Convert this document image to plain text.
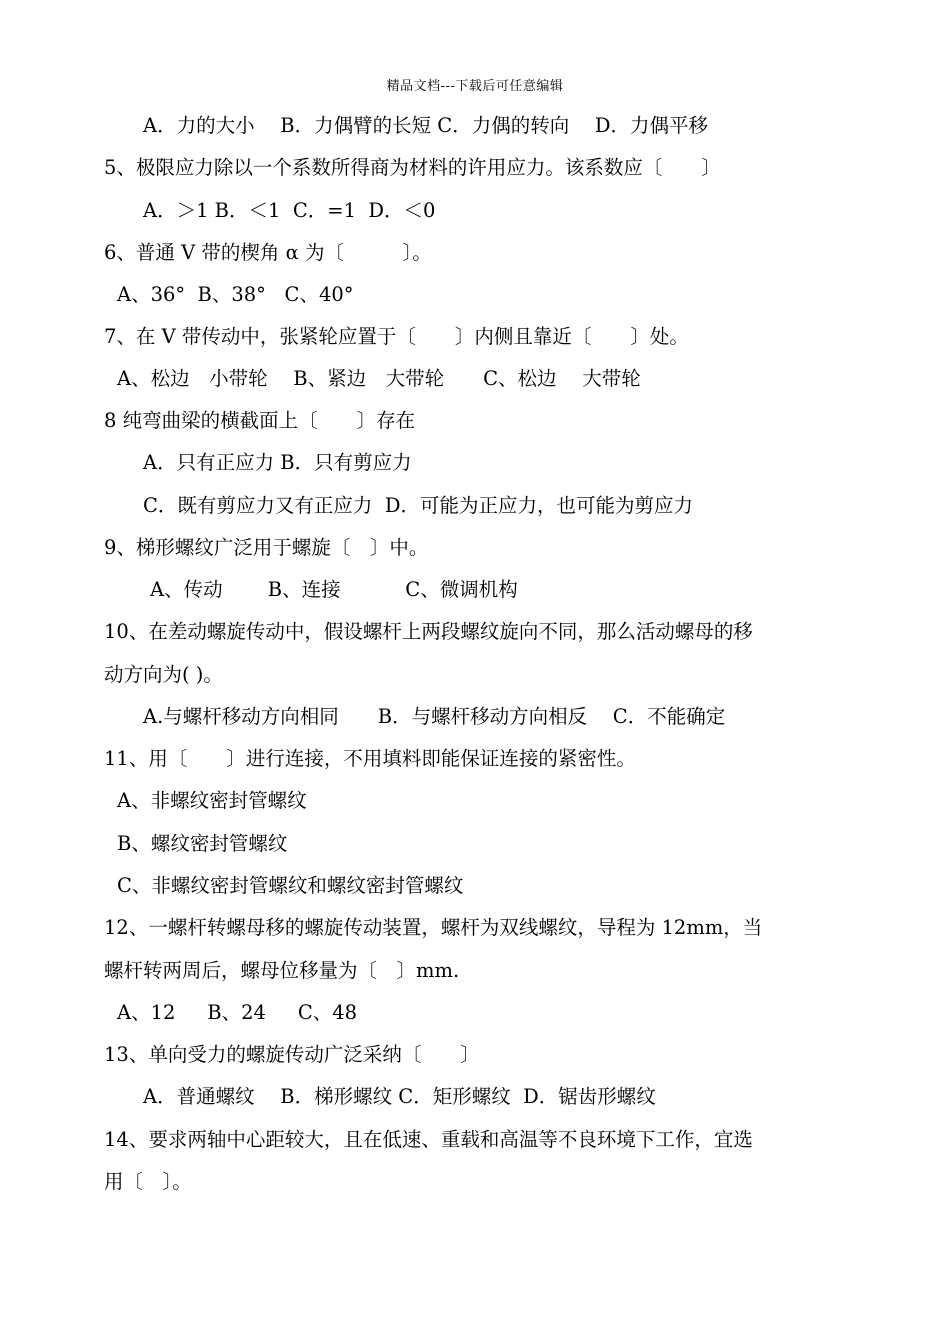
精品文档---下载后可任意编辑
A．力的大小　 B．力偶臂的长短 C．力偶的转向　 D．力偶平移
5、极限应力除以一个系数所得商为材料的许用应力。该系数应〔　　〕
A．＞1 B．＜1  C．=1  D．＜0
6、普通 V 带的楔角 α 为〔　　　〕。
A、36°  B、38°   C、40°
7、在 V 带传动中，张紧轮应置于〔　　〕内侧且靠近〔　　〕处。
A、松边　小带轮　 B、紧边　大带轮　　C、松边　 大带轮
8 纯弯曲梁的横截面上〔　　〕存在
A．只有正应力 B．只有剪应力
C．既有剪应力又有正应力  D．可能为正应力，也可能为剪应力
9、梯形螺纹广泛用于螺旋〔　〕中。
A、传动　　 B、连接　　　 C、微调机构
10、在差动螺旋传动中，假设螺杆上两段螺纹旋向不同，那么活动螺母的移
动方向为( )。
A.与螺杆移动方向相同　　B．与螺杆移动方向相反　 C．不能确定
11、用〔　　〕进行连接，不用填料即能保证连接的紧密性。
A、非螺纹密封管螺纹
B、螺纹密封管螺纹
C、非螺纹密封管螺纹和螺纹密封管螺纹
12、一螺杆转螺母移的螺旋传动装置，螺杆为双线螺纹，导程为 12mm，当
螺杆转两周后，螺母位移量为〔　〕mm.
A、12　  B、24　  C、48
13、单向受力的螺旋传动广泛采纳〔　　〕
A．普通螺纹　 B．梯形螺纹 C．矩形螺纹  D．锯齿形螺纹
14、要求两轴中心距较大，且在低速、重载和高温等不良环境下工作，宜选
用〔　〕。
